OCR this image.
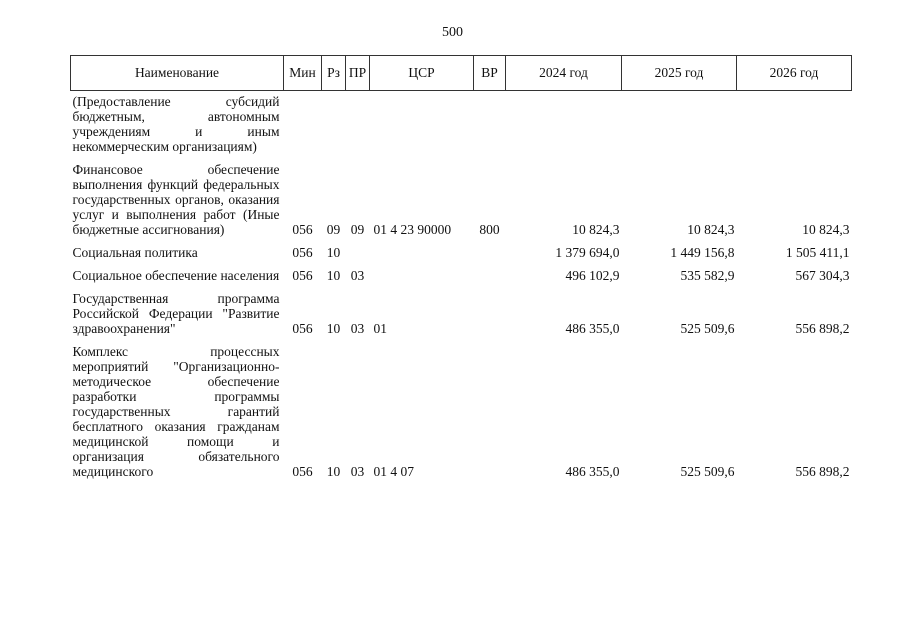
500
Наименование	Мин	Рз	ПР	ЦСР	ВР	2024 год	2025 год	2026 год
(Предоставление субсидий бюджетным, автономным учреждениям и иным некоммерческим организациям)								
Финансовое обеспечение выполнения функций федеральных государственных органов, оказания услуг и выполнения работ (Иные бюджетные ассигнования)	056	09	09	01 4 23 90000	800	10 824,3	10 824,3	10 824,3
Социальная политика	056	10				1 379 694,0	1 449 156,8	1 505 411,1
Социальное обеспечение населения	056	10	03			496 102,9	535 582,9	567 304,3
Государственная программа Российской Федерации "Развитие здравоохранения"	056	10	03	01		486 355,0	525 509,6	556 898,2
Комплекс процессных мероприятий "Организационно-методическое обеспечение разработки программы государственных гарантий бесплатного оказания гражданам медицинской помощи и организация обязательного медицинского	056	10	03	01 4 07		486 355,0	525 509,6	556 898,2
